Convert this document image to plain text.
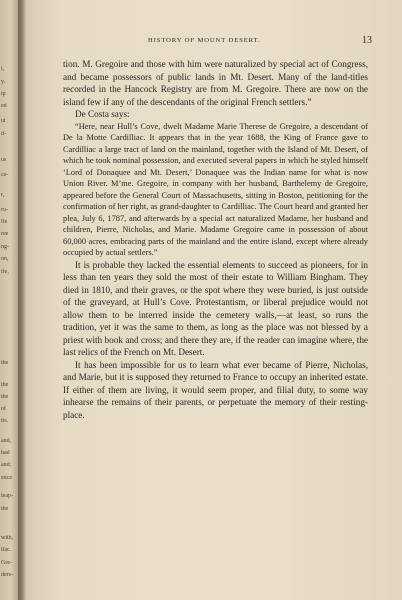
l,
y.
ip
ed
ut
d-
us
ce-
r,
ru-
lfe
ree
ng-
on,
ife,
the
the
the
of
tts.
and,
had
and;
ence
leap-
the
with,
llac.
Gre-
dere-
HISTORY OF MOUNT DESERT.	13

tion. M. Gregoire and those with him were naturalized by special act of Congress, and became possessors of public lands in Mt. Desert. Many of the land-titles recorded in the Hancock Registry are from M. Gregoire. There are now on the island few if any of the descendants of the original French settlers.”

De Costa says:

“Here, near Hull’s Cove, dwelt Madame Marie Therese de Gregoire, a descendant of De la Motte Cardilliac. It appears that in the year 1688, the King of France gave to Cardilliac a large tract of land on the mainland, together with the Island of Mt. Desert, of which he took nominal possession, and executed several papers in which he styled himself ‘Lord of Donaquee and Mt. Desert,’ Donaquee was the Indian name for what is now Union River. M’me. Gregoire, in company with her husband, Barthelemy de Gregoire, appeared before the General Court of Massachusetts, sitting in Boston, petitioning for the confirmation of her right, as grand-daughter to Cardilliac. The Court heard and granted her plea, July 6, 1787, and afterwards by a special act naturalized Madame, her husband and children, Pierre, Nicholas, and Marie. Madame Gregoire came in possession of about 60,000 acres, embracing parts of the mainland and the entire island, except where already occupied by actual settlers.”

It is probable they lacked the essential elements to succeed as pioneers, for in less than ten years they sold the most of their estate to William Bingham. They died in 1810, and their graves, or the spot where they were buried, is just outside of the graveyard, at Hull’s Cove. Protestantism, or liberal prejudice would not allow them to be interred inside the cemetery walls,—at least, so runs the tradition, yet it was the same to them, as long as the place was not blessed by a priest with book and cross; and there they are, if the reader can imagine where, the last relics of the French on Mt. Desert.

It has been impossible for us to learn what ever became of Pierre, Nicholas, and Marie, but it is supposed they returned to France to occupy an inherited estate. If either of them are living, it would seem proper, and filial duty, to some way inhearse the remains of their parents, or perpetuate the memory of their resting-place.
